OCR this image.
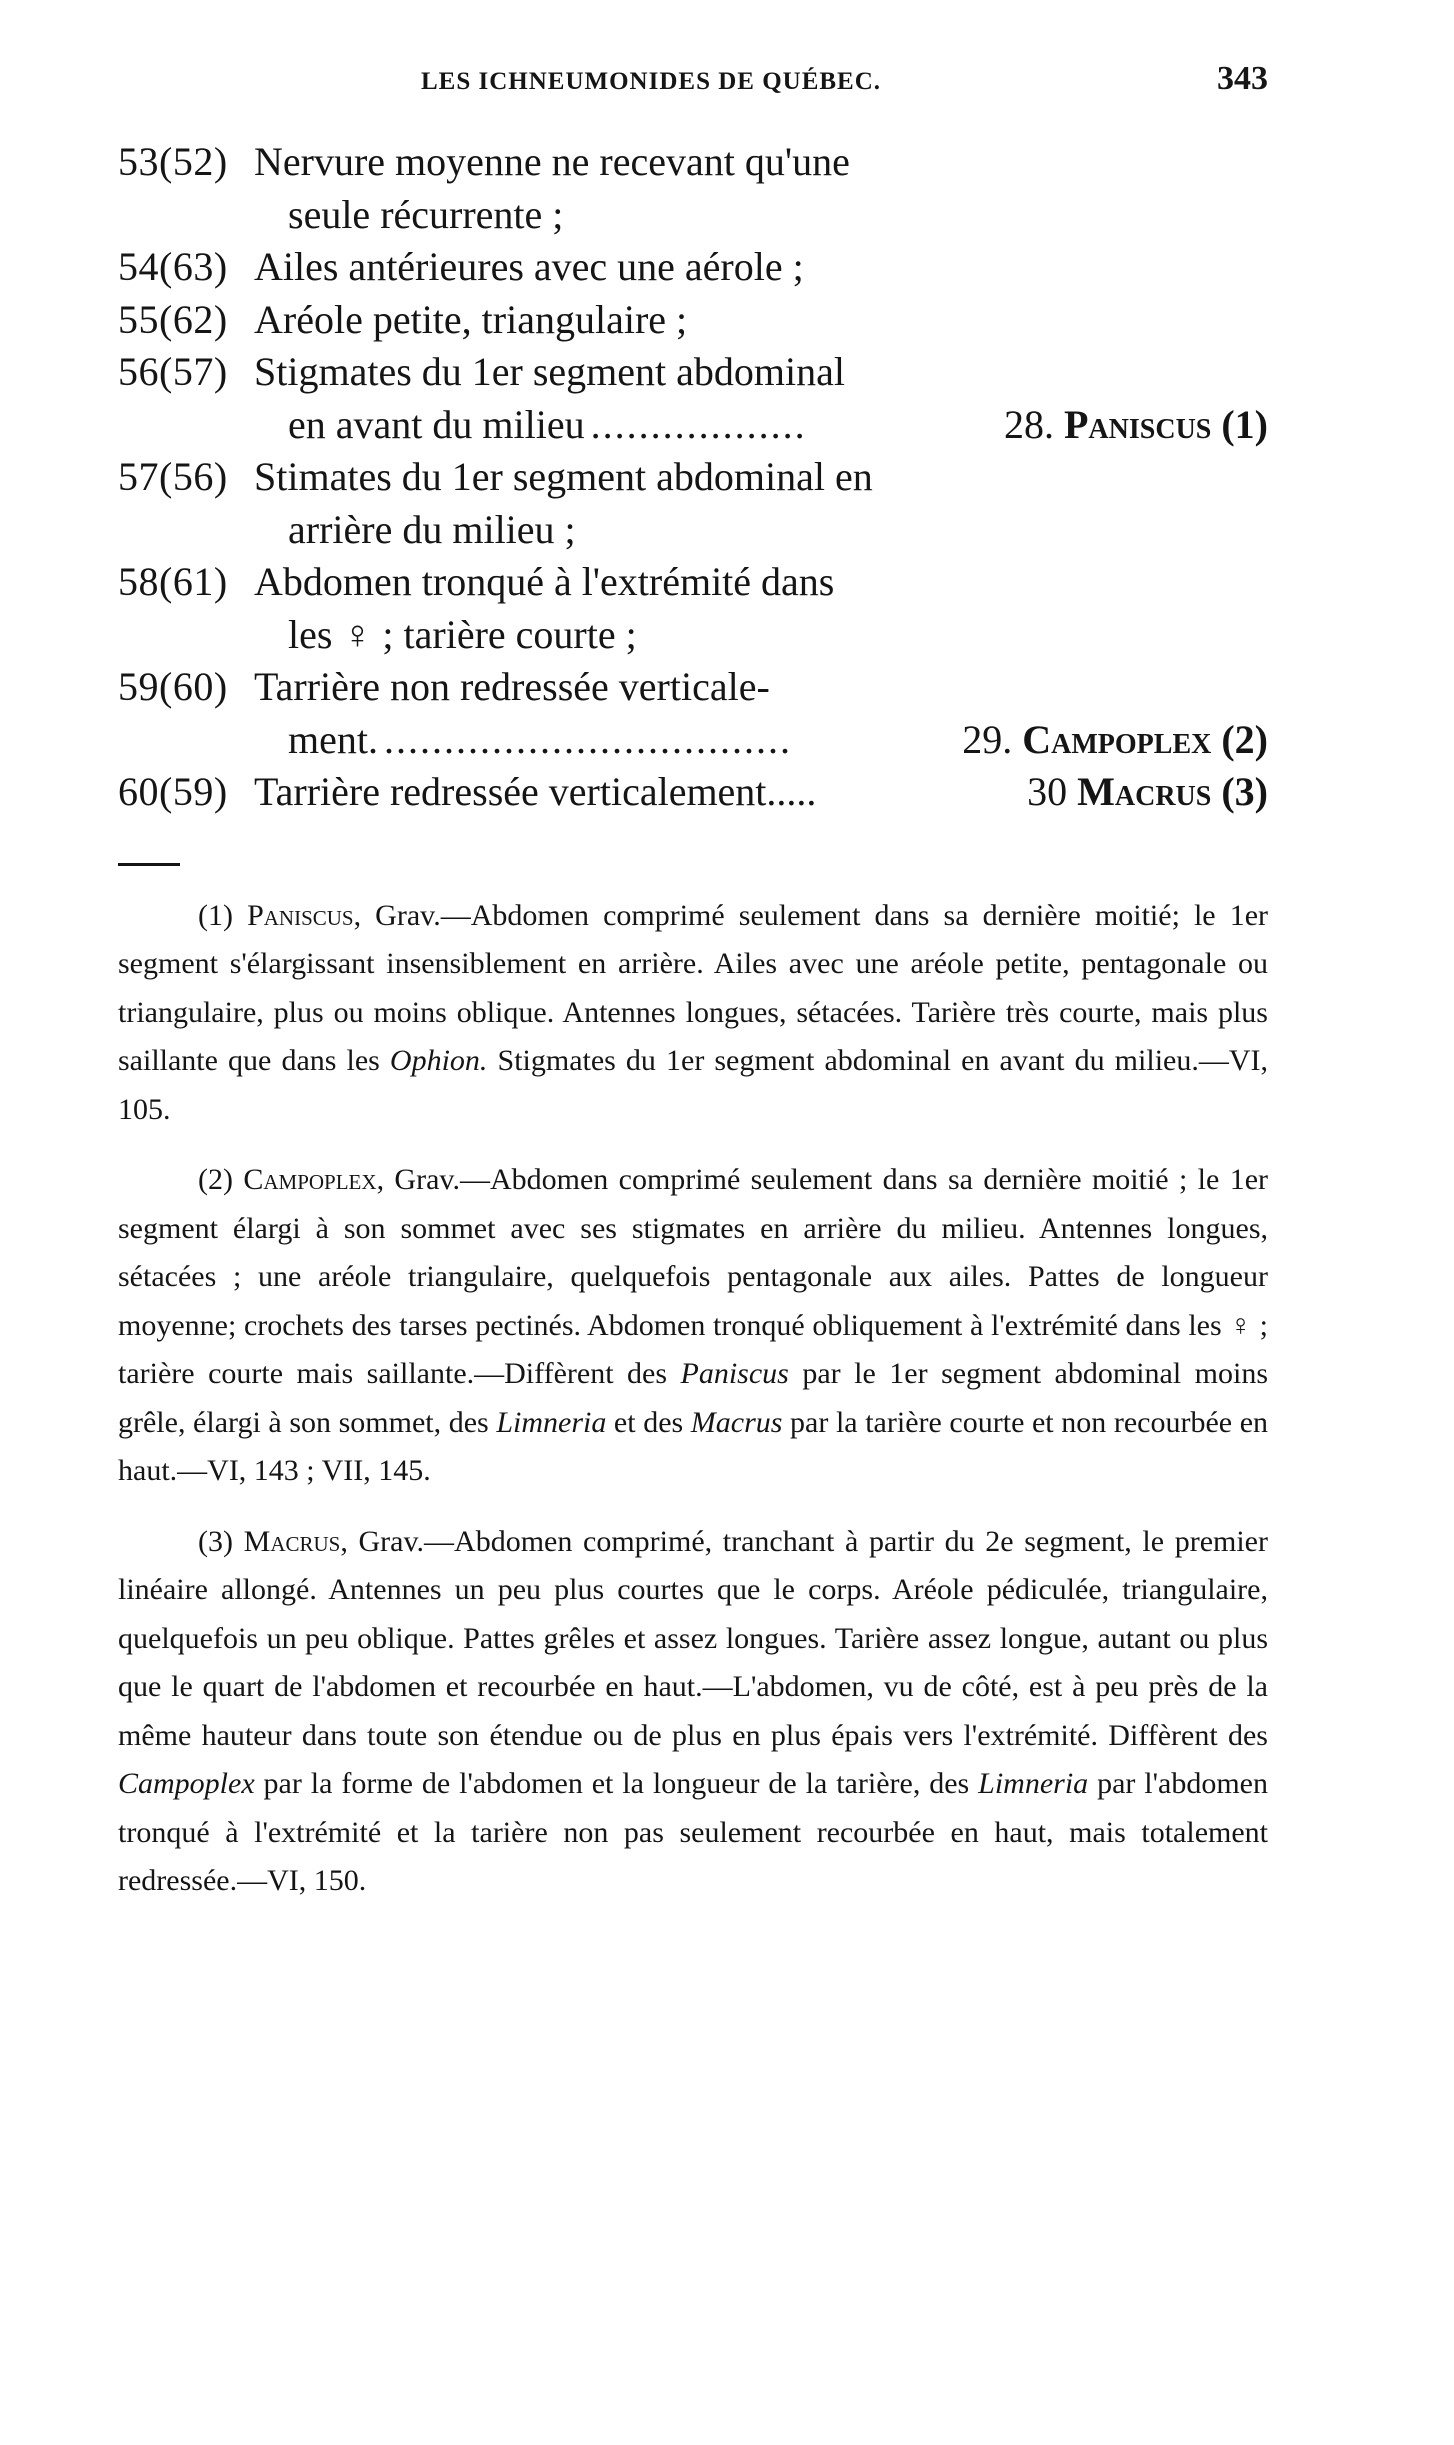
LES ICHNEUMONIDES DE QUÉBEC.	343
53(52) Nervure moyenne ne recevant qu'une
seule récurrente ;
54(63) Ailes antérieures avec une aérole ;
55(62) Aréole petite, triangulaire ;
56(57) Stigmates du 1er segment abdominal
en avant du milieu ..................	28. Paniscus (1)
57(56) Stimates du 1er segment abdominal en
arrière du milieu ;
58(61) Abdomen tronqué à l'extrémité dans
les ♀ ; tarière courte ;
59(60) Tarrière non redressée verticale-
ment. ..................................	29. Campoplex (2)
60(59) Tarrière redressée verticalement.....	30 Macrus (3)

(1) Paniscus, Grav.—Abdomen comprimé seulement dans sa dernière moitié; le 1er segment s'élargissant insensiblement en arrière. Ailes avec une aréole petite, pentagonale ou triangulaire, plus ou moins oblique. Antennes longues, sétacées. Tarière très courte, mais plus saillante que dans les Ophion. Stigmates du 1er segment abdominal en avant du milieu.—VI, 105.

(2) Campoplex, Grav.—Abdomen comprimé seulement dans sa dernière moitié ; le 1er segment élargi à son sommet avec ses stigmates en arrière du milieu. Antennes longues, sétacées ; une aréole triangulaire, quelquefois pentagonale aux ailes. Pattes de longueur moyenne; crochets des tarses pectinés. Abdomen tronqué obliquement à l'extrémité dans les ♀ ; tarière courte mais saillante.—Diffèrent des Paniscus par le 1er segment abdominal moins grêle, élargi à son sommet, des Limneria et des Macrus par la tarière courte et non recourbée en haut.—VI, 143 ; VII, 145.

(3) Macrus, Grav.—Abdomen comprimé, tranchant à partir du 2e segment, le premier linéaire allongé. Antennes un peu plus courtes que le corps. Aréole pédiculée, triangulaire, quelquefois un peu oblique. Pattes grêles et assez longues. Tarière assez longue, autant ou plus que le quart de l'abdomen et recourbée en haut.—L'abdomen, vu de côté, est à peu près de la même hauteur dans toute son étendue ou de plus en plus épais vers l'extrémité. Diffèrent des Campoplex par la forme de l'abdomen et la longueur de la tarière, des Limneria par l'abdomen tronqué à l'extrémité et la tarière non pas seulement recourbée en haut, mais totalement redressée.—VI, 150.
